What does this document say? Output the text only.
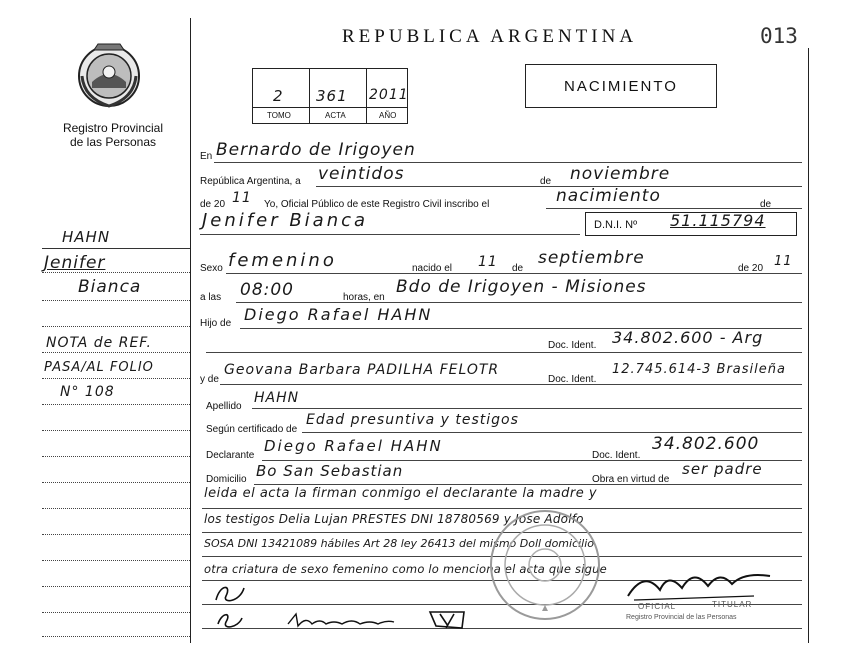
Registro Provincial
de las Personas
HAHN
Jenifer
Bianca
NOTA de REF.
PASA/AL FOLIO
N° 108
REPUBLICA ARGENTINA	013
2 361 2011
TOMO	ACTA	AÑO
NACIMIENTO
En Bernardo de Irigoyen
República Argentina, a veintidos	de noviembre
de 20 11 Yo, Oficial Público de este Registro Civil inscribo el	nacimiento	de
Jenifer Bianca	D.N.I. Nº 51.115794
Sexo femenino	nacido el 11 de
septiembre
de 20 11
a las 08:00	horas, en
Bdo de Irigoyen - Misiones
Hijo de Diego Rafael HAHN
Doc. Ident. 34.802.600 - Arg
y de
Geovana Barbara PADILHA FELOTR
Doc. Ident.
12.745.614-3 Brasileña
Apellido
HAHN
Según certificado de
Edad presuntiva y testigos
Declarante
Diego Rafael HAHN
Doc. Ident.
34.802.600
Domicilio Bo San Sebastian	Obra en virtud de
ser padre
leida el acta la firman conmigo el declarante la madre y
los testigos Delia Lujan PRESTES DNI 18780569 y Jose Adolfo
SOSA DNI 13421089 hábiles Art 28 ley 26413 del mismo Doll domicilio
otra criatura de sexo femenino como lo menciona el acta que sigue
OFICIAL	TITULAR
Registro Provincial de las Personas
